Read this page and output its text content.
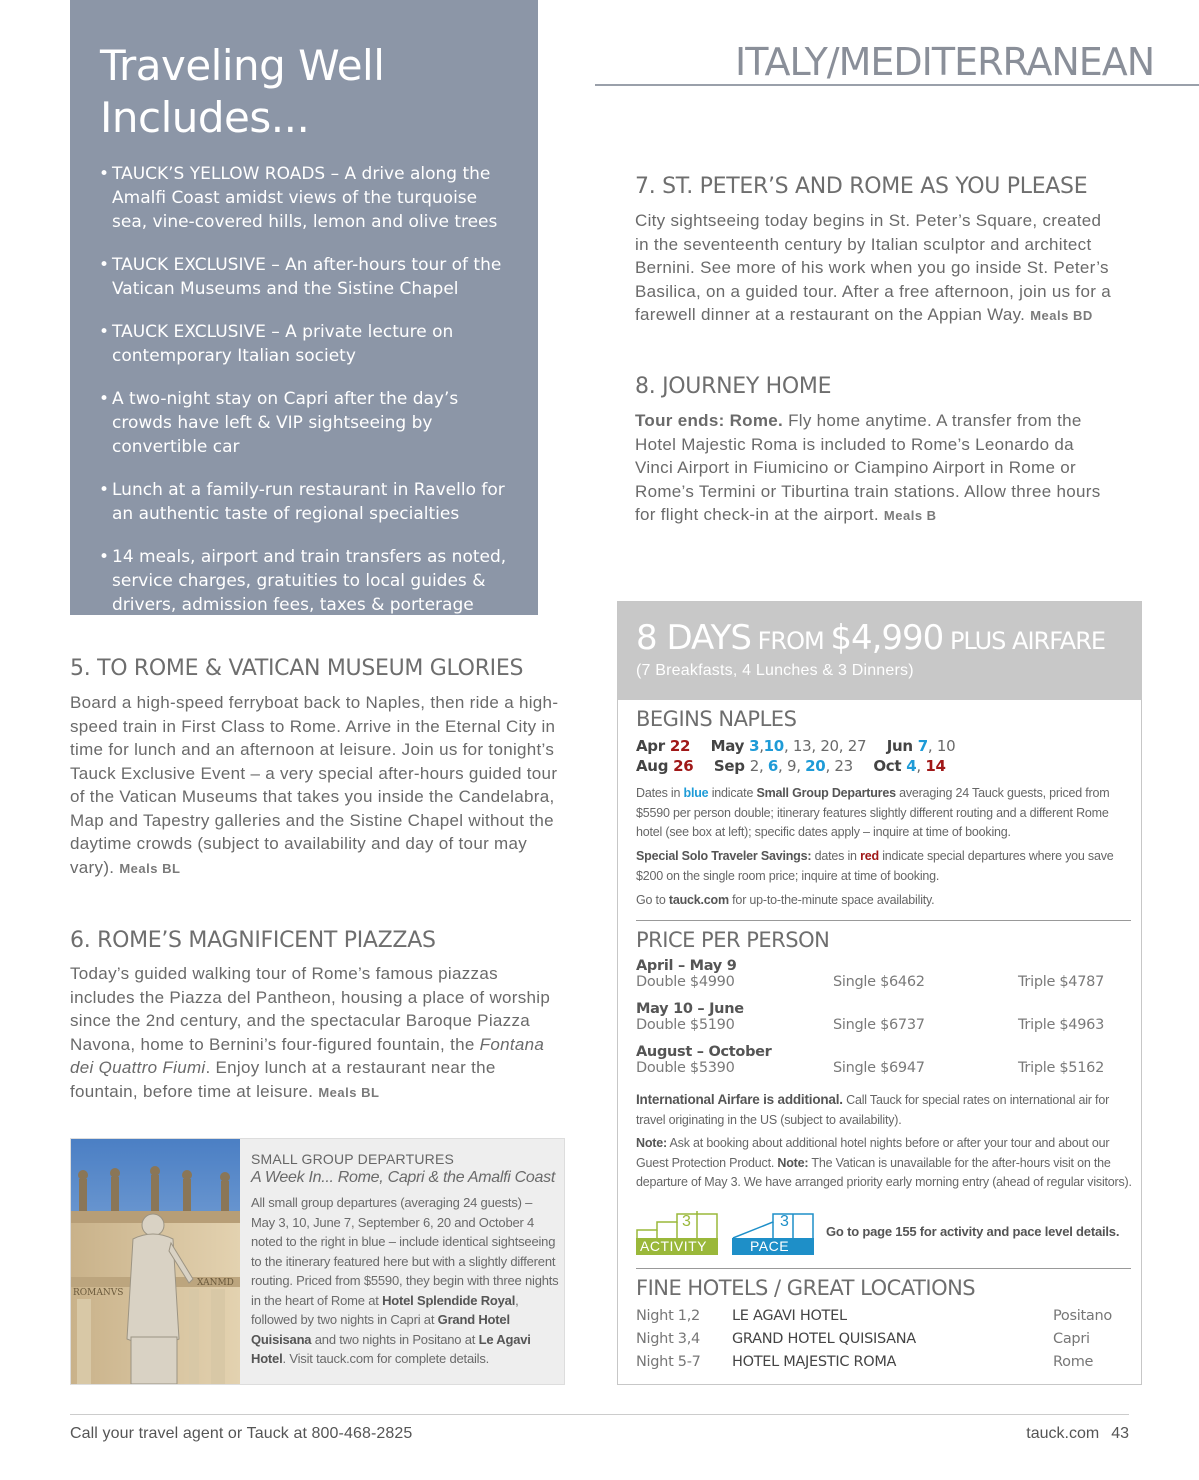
Traveling Well
Includes...
• TAUCK’S YELLOW ROADS – A drive along the Amalfi Coast amidst views of the turquoise sea, vine-covered hills, lemon and olive trees
• TAUCK EXCLUSIVE – An after-hours tour of the Vatican Museums and the Sistine Chapel
• TAUCK EXCLUSIVE – A private lecture on contemporary Italian society
• A two-night stay on Capri after the day’s crowds have left & VIP sightseeing by convertible car
• Lunch at a family-run restaurant in Ravello for an authentic taste of regional specialties
• 14 meals, airport and train transfers as noted, service charges, gratuities to local guides & drivers, admission fees, taxes & porterage
ITALY/MEDITERRANEAN
7. ST. PETER’S AND ROME AS YOU PLEASE
City sightseeing today begins in St. Peter’s Square, created in the seventeenth century by Italian sculptor and architect Bernini. See more of his work when you go inside St. Peter’s Basilica, on a guided tour. After a free afternoon, join us for a farewell dinner at a restaurant on the Appian Way. Meals BD
8. JOURNEY HOME
Tour ends: Rome. Fly home anytime. A transfer from the Hotel Majestic Roma is included to Rome’s Leonardo da Vinci Airport in Fiumicino or Ciampino Airport in Rome or Rome’s Termini or Tiburtina train stations. Allow three hours for flight check-in at the airport. Meals B
5. TO ROME & VATICAN MUSEUM GLORIES
Board a high-speed ferryboat back to Naples, then ride a high-speed train in First Class to Rome. Arrive in the Eternal City in time for lunch and an afternoon at leisure. Join us for tonight’s Tauck Exclusive Event – a very special after-hours guided tour of the Vatican Museums that takes you inside the Candelabra, Map and Tapestry galleries and the Sistine Chapel without the daytime crowds (subject to availability and day of tour may vary). Meals BL
6. ROME’S MAGNIFICENT PIAZZAS
Today’s guided walking tour of Rome’s famous piazzas includes the Piazza del Pantheon, housing a place of worship since the 2nd century, and the spectacular Baroque Piazza Navona, home to Bernini’s four-figured fountain, the Fontana dei Quattro Fiumi. Enjoy lunch at a restaurant near the fountain, before time at leisure. Meals BL
ROMANVS
XANMD
SMALL GROUP DEPARTURES
A Week In... Rome, Capri & the Amalfi Coast
All small group departures (averaging 24 guests) – May 3, 10, June 7, September 6, 20 and October 4 noted to the right in blue – include identical sightseeing to the itinerary featured here but with a slightly different routing. Priced from $5590, they begin with three nights in the heart of Rome at Hotel Splendide Royal, followed by two nights in Capri at Grand Hotel Quisisana and two nights in Positano at Le Agavi Hotel. Visit tauck.com for complete details.
8 DAYS FROM $4,990 PLUS AIRFARE
(7 Breakfasts, 4 Lunches & 3 Dinners)
BEGINS NAPLES
Apr 22 May 3,10, 13, 20, 27 Jun 7, 10
Aug 26 Sep 2, 6, 9, 20, 23 Oct 4, 14
Dates in blue indicate Small Group Departures averaging 24 Tauck guests, priced from $5590 per person double; itinerary features slightly different routing and a different Rome hotel (see box at left); specific dates apply – inquire at time of booking.
Special Solo Traveler Savings: dates in red indicate special departures where you save $200 on the single room price; inquire at time of booking.
Go to tauck.com for up-to-the-minute space availability.
PRICE PER PERSON
April – May 9
Double $4990	Single $6462	Triple $4787
May 10 – June
Double $5190	Single $6737	Triple $4963
August – October
Double $5390	Single $6947	Triple $5162
International Airfare is additional. Call Tauck for special rates on international air for travel originating in the US (subject to availability).
Note: Ask at booking about additional hotel nights before or after your tour and about our Guest Protection Product. Note: The Vatican is unavailable for the after-hours visit on the departure of May 3. We have arranged priority early morning entry (ahead of regular visitors).
3
ACTIVITY
3
PACE
Go to page 155 for activity and pace level details.
FINE HOTELS / GREAT LOCATIONS
Night 1,2 LE AGAVI HOTEL	Positano
Night 3,4 GRAND HOTEL QUISISANA	Capri
Night 5-7 HOTEL MAJESTIC ROMA	Rome
Call your travel agent or Tauck at 800-468-2825	tauck.com 43
